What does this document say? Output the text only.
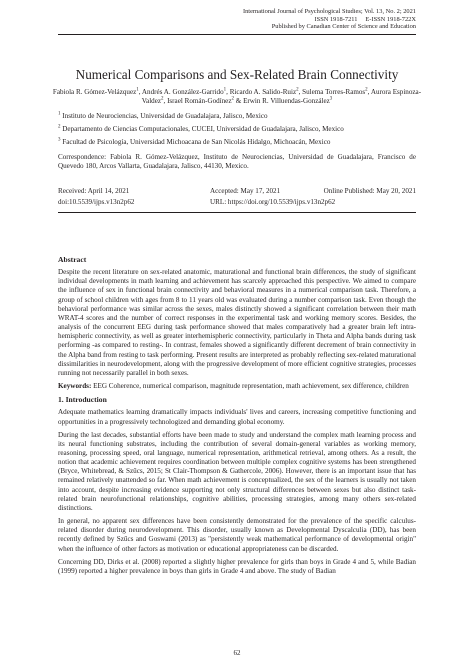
International Journal of Psychological Studies; Vol. 13, No. 2; 2021
ISSN 1918-7211     E-ISSN 1918-722X
Published by Canadian Center of Science and Education
Numerical Comparisons and Sex-Related Brain Connectivity
Fabiola R. Gómez-Velázquez$^1$, Andrés A. González-Garrido$^1$, Ricardo A. Salido-Ruiz$^2$, Sulema Torres-Ramos$^2$, Aurora Espinoza-Valdez$^2$, Israel Román-Godínez$^2$ & Erwin R. Villuendas-González$^3$
$^1$ Instituto de Neurociencias, Universidad de Guadalajara, Jalisco, Mexico
$^2$ Departamento de Ciencias Computacionales, CUCEI, Universidad de Guadalajara, Jalisco, Mexico
$^3$ Facultad de Psicología, Universidad Michoacana de San Nicolás Hidalgo, Michoacán, Mexico
Correspondence: Fabiola R. Gómez-Velázquez, Instituto de Neurociencias, Universidad de Guadalajara, Francisco de Quevedo 180, Arcos Vallarta, Guadalajara, Jalisco, 44130, Mexico.
Received: April 14, 2021	Accepted: May 17, 2021	Online Published: May 20, 2021
doi:10.5539/ijps.v13n2p62	URL: https://doi.org/10.5539/ijps.v13n2p62
Abstract

Despite the recent literature on sex-related anatomic, maturational and functional brain differences, the study of significant individual developments in math learning and achievement has scarcely approached this perspective. We aimed to compare the influence of sex in functional brain connectivity and behavioral measures in a numerical comparison task. Therefore, a group of school children with ages from 8 to 11 years old was evaluated during a number comparison task. Even though the behavioral performance was similar across the sexes, males distinctly showed a significant correlation between their math WRAT-4 scores and the number of correct responses in the experimental task and working memory scores. Besides, the analysis of the concurrent EEG during task performance showed that males comparatively had a greater brain left intra-hemispheric connectivity, as well as greater interhemispheric connectivity, particularly in Theta and Alpha bands during task performing -as compared to resting-. In contrast, females showed a significantly different decrement of brain connectivity in the Alpha band from resting to task performing. Present results are interpreted as probably reflecting sex-related maturational dissimilarities in neurodevelopment, along with the progressive development of more efficient cognitive strategies, processes running not necessarily parallel in both sexes.

Keywords: EEG Coherence, numerical comparison, magnitude representation, math achievement, sex difference, children

1. Introduction

Adequate mathematics learning dramatically impacts individuals' lives and careers, increasing competitive functioning and opportunities in a progressively technologized and demanding global economy.

During the last decades, substantial efforts have been made to study and understand the complex math learning process and its neural functioning substrates, including the contribution of several domain-general variables as working memory, reasoning, processing speed, oral language, numerical representation, arithmetical retrieval, among others. As a result, the notion that academic achievement requires coordination between multiple complex cognitive systems has been strengthened (Bryce, Whitebread, & Szűcs, 2015; St Clair-Thompson & Gathercole, 2006). However, there is an important issue that has remained relatively unattended so far. When math achievement is conceptualized, the sex of the learners is usually not taken into account, despite increasing evidence supporting not only structural differences between sexes but also distinct task-related brain neurofunctional relationships, cognitive abilities, processing strategies, among many others sex-related distinctions.

In general, no apparent sex differences have been consistently demonstrated for the prevalence of the specific calculus-related disorder during neurodevelopment. This disorder, usually known as Developmental Dyscalculia (DD), has been recently defined by Szűcs and Goswami (2013) as "persistently weak mathematical performance of developmental origin" when the influence of other factors as motivation or educational appropriateness can be discarded.

Concerning DD, Dirks et al. (2008) reported a slightly higher prevalence for girls than boys in Grade 4 and 5, while Badian (1999) reported a higher prevalence in boys than girls in Grade 4 and above. The study of Badian

62
